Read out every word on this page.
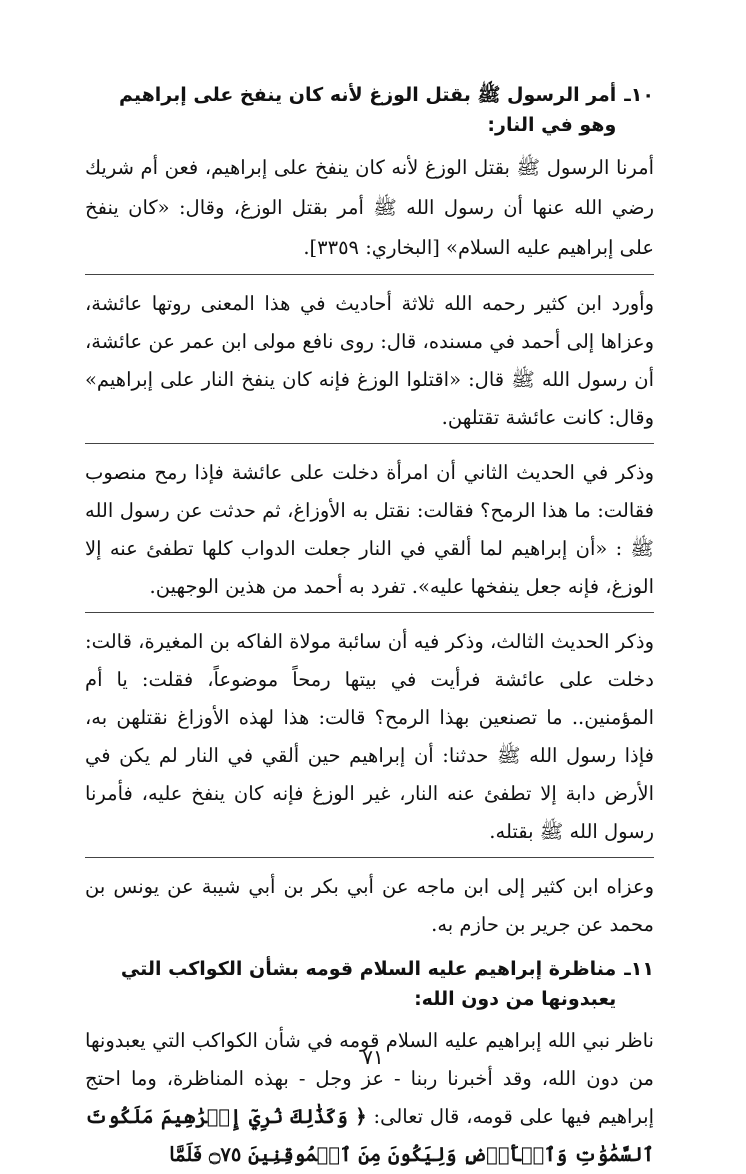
١٠ـ
أمر الرسول ﷺ بقتل الوزغ لأنه كان ينفخ على إبراهيم وهو في النار:

أمرنا الرسول ﷺ بقتل الوزغ لأنه كان ينفخ على إبراهيم، فعن أم شريك رضي الله عنها أن رسول الله ﷺ أمر بقتل الوزغ، وقال: «كان ينفخ على إبراهيم عليه السلام» [البخاري: ٣٣٥٩].

وأورد ابن كثير رحمه الله ثلاثة أحاديث في هذا المعنى روتها عائشة، وعزاها إلى أحمد في مسنده، قال: روى نافع مولى ابن عمر عن عائشة، أن رسول الله ﷺ قال: «اقتلوا الوزغ فإنه كان ينفخ النار على إبراهيم» وقال: كانت عائشة تقتلهن.

وذكر في الحديث الثاني أن امرأة دخلت على عائشة فإذا رمح منصوب فقالت: ما هذا الرمح؟ فقالت: نقتل به الأوزاغ، ثم حدثت عن رسول الله ﷺ : «أن إبراهيم لما ألقي في النار جعلت الدواب كلها تطفئ عنه إلا الوزغ، فإنه جعل ينفخها عليه». تفرد به أحمد من هذين الوجهين.

وذكر الحديث الثالث، وذكر فيه أن سائبة مولاة الفاكه بن المغيرة، قالت: دخلت على عائشة فرأيت في بيتها رمحاً موضوعاً، فقلت: يا أم المؤمنين.. ما تصنعين بهذا الرمح؟ قالت: هذا لهذه الأوزاغ نقتلهن به، فإذا رسول الله ﷺ حدثنا: أن إبراهيم حين ألقي في النار لم يكن في الأرض دابة إلا تطفئ عنه النار، غير الوزغ فإنه كان ينفخ عليه، فأمرنا رسول الله ﷺ بقتله.

وعزاه ابن كثير إلى ابن ماجه عن أبي بكر بن أبي شيبة عن يونس بن محمد عن جرير بن حازم به.

١١ـ
مناظرة إبراهيم عليه السلام قومه بشأن الكواكب التي يعبدونها من دون الله:

ناظر نبي الله إبراهيم عليه السلام قومه في شأن الكواكب التي يعبدونها من دون الله، وقد أخبرنا ربنا - عز وجل - بهذه المناظرة، وما احتج إبراهيم فيها على قومه، قال تعالى: ﴿ وَكَذَٰلِكَ نُرِيٓ إِبۡرَٰهِيمَ مَلَكُوتَ ٱلسَّمَٰوَٰتِ وَٱلۡأَرۡضِ وَلِيَكُونَ مِنَ ٱلۡمُوقِنِينَ ۝٧٥ فَلَمَّا

٧١
